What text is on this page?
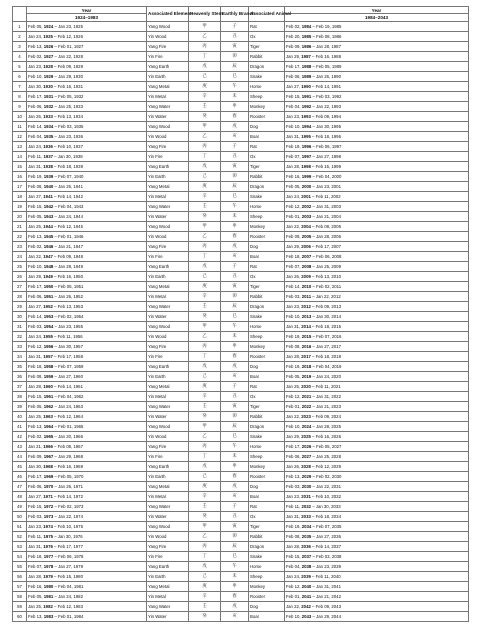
	Year	Associated Element	Heavenly Stem	Earthly Branch	Associated Animal	Year
	1924–1983					1984–2043
1	Feb 05, 1924 – Jan 23, 1925	Yang Wood	甲	子	Rat	Feb 02, 1984 – Feb 19, 1985
2	Jan 24, 1925 – Feb 12, 1926	Yin Wood	乙	丑	Ox	Feb 20, 1985 – Feb 08, 1986
3	Feb 13, 1926 – Feb 01, 1927	Yang Fire	丙	寅	Tiger	Feb 09, 1986 – Jan 28, 1987
4	Feb 02, 1927 – Jan 22, 1928	Yin Fire	丁	卯	Rabbit	Jan 29, 1987 – Feb 16, 1988
5	Jan 23, 1928 – Feb 09, 1929	Yang Earth	戊	辰	Dragon	Feb 17, 1988 – Feb 05, 1989
6	Feb 10, 1929 – Jan 29, 1930	Yin Earth	己	巳	Snake	Feb 06, 1989 – Jan 26, 1990
7	Jan 30, 1930 – Feb 16, 1931	Yang Metal	庚	午	Horse	Jan 27, 1990 – Feb 14, 1991
8	Feb 17, 1931 – Feb 05, 1932	Yin Metal	辛	未	Sheep	Feb 15, 1991 – Feb 03, 1992
9	Feb 06, 1932 – Jan 25, 1933	Yang Water	壬	申	Monkey	Feb 04, 1992 – Jan 22, 1993
10	Jan 26, 1933 – Feb 13, 1934	Yin Water	癸	酉	Rooster	Jan 23, 1993 – Feb 09, 1994
11	Feb 14, 1934 – Feb 03, 1935	Yang Wood	甲	戌	Dog	Feb 10, 1994 – Jan 30, 1995
12	Feb 04, 1935 – Jan 23, 1936	Yin Wood	乙	亥	Boar	Jan 31, 1995 – Feb 18, 1996
13	Jan 24, 1936 – Feb 10, 1937	Yang Fire	丙	子	Rat	Feb 19, 1996 – Feb 06, 1997
14	Feb 11, 1937 – Jan 30, 1938	Yin Fire	丁	丑	Ox	Feb 07, 1997 – Jan 27, 1998
15	Jan 31, 1938 – Feb 18, 1939	Yang Earth	戊	寅	Tiger	Jan 28, 1998 – Feb 15, 1999
16	Feb 19, 1939 – Feb 07, 1940	Yin Earth	己	卯	Rabbit	Feb 16, 1999 – Feb 04, 2000
17	Feb 08, 1940 – Jan 26, 1941	Yang Metal	庚	辰	Dragon	Feb 05, 2000 – Jan 23, 2001
18	Jan 27, 1941 – Feb 14, 1942	Yin Metal	辛	巳	Snake	Jan 24, 2001 – Feb 11, 2002
19	Feb 15, 1942 – Feb 04, 1943	Yang Water	壬	午	Horse	Feb 12, 2002 – Jan 31, 2003
20	Feb 05, 1943 – Jan 24, 1944	Yin Water	癸	未	Sheep	Feb 01, 2003 – Jan 21, 2004
21	Jan 25, 1944 – Feb 12, 1945	Yang Wood	甲	申	Monkey	Jan 22, 2004 – Feb 08, 2005
22	Feb 13, 1945 – Feb 01, 1946	Yin Wood	乙	酉	Rooster	Feb 09, 2005 – Jan 28, 2006
23	Feb 02, 1946 – Jan 21, 1947	Yang Fire	丙	戌	Dog	Jan 29, 2006 – Feb 17, 2007
24	Jan 22, 1947 – Feb 09, 1948	Yin Fire	丁	亥	Boar	Feb 18, 2007 – Feb 06, 2008
25	Feb 10, 1948 – Jan 28, 1949	Yang Earth	戊	子	Rat	Feb 07, 2008 – Jan 25, 2009
26	Jan 29, 1949 – Feb 16, 1950	Yin Earth	己	丑	Ox	Jan 26, 2009 – Feb 13, 2010
27	Feb 17, 1950 – Feb 05, 1951	Yang Metal	庚	寅	Tiger	Feb 14, 2010 – Feb 02, 2011
28	Feb 06, 1951 – Jan 26, 1952	Yin Metal	辛	卯	Rabbit	Feb 03, 2011 – Jan 22, 2012
29	Jan 27, 1952 – Feb 13, 1953	Yang Water	壬	辰	Dragon	Jan 23, 2012 – Feb 09, 2013
30	Feb 14, 1953 – Feb 02, 1954	Yin Water	癸	巳	Snake	Feb 10, 2013 – Jan 30, 2014
31	Feb 03, 1954 – Jan 23, 1955	Yang Wood	甲	午	Horse	Jan 31, 2014 – Feb 18, 2015
32	Jan 24, 1955 – Feb 11, 1956	Yin Wood	乙	未	Sheep	Feb 19, 2015 – Feb 07, 2016
33	Feb 12, 1956 – Jan 30, 1957	Yang Fire	丙	申	Monkey	Feb 08, 2016 – Jan 27, 2017
34	Jan 31, 1957 – Feb 17, 1958	Yin Fire	丁	酉	Rooster	Jan 28, 2017 – Feb 18, 2018
35	Feb 18, 1958 – Feb 07, 1959	Yang Earth	戊	戌	Dog	Feb 19, 2018 – Feb 04, 2019
36	Feb 08, 1959 – Jan 27, 1960	Yin Earth	己	亥	Boar	Feb 05, 2019 – Jan 24, 2020
37	Jan 28, 1960 – Feb 14, 1961	Yang Metal	庚	子	Rat	Jan 25, 2020 – Feb 11, 2021
38	Feb 15, 1961 – Feb 04, 1962	Yin Metal	辛	丑	Ox	Feb 12, 2021 – Jan 31, 2022
39	Feb 05, 1962 – Jan 24, 1963	Yang Water	壬	寅	Tiger	Feb 01, 2022 – Jan 21, 2023
40	Jan 25, 1963 – Feb 12, 1964	Yin Water	癸	卯	Rabbit	Jan 22, 2023 – Feb 09, 2024
41	Feb 13, 1964 – Feb 01, 1965	Yang Wood	甲	辰	Dragon	Feb 10, 2024 – Jan 28, 2025
42	Feb 02, 1965 – Jan 20, 1966	Yin Wood	乙	巳	Snake	Jan 29, 2025 – Feb 16, 2026
43	Jan 21, 1966 – Feb 08, 1967	Yang Fire	丙	午	Horse	Feb 17, 2026 – Feb 05, 2027
44	Feb 09, 1967 – Jan 29, 1968	Yin Fire	丁	未	Sheep	Feb 06, 2027 – Jan 25, 2028
45	Jan 30, 1968 – Feb 16, 1969	Yang Earth	戊	申	Monkey	Jan 26, 2028 – Feb 12, 2029
46	Feb 17, 1969 – Feb 05, 1970	Yin Earth	己	酉	Rooster	Feb 13, 2029 – Feb 02, 2030
47	Feb 06, 1970 – Jan 26, 1971	Yang Metal	庚	戌	Dog	Feb 03, 2030 – Jan 22, 2031
48	Jan 27, 1971 – Feb 14, 1972	Yin Metal	辛	亥	Boar	Jan 23, 2031 – Feb 10, 2032
49	Feb 15, 1972 – Feb 02, 1973	Yang Water	壬	子	Rat	Feb 11, 2032 – Jan 30, 2033
50	Feb 03, 1973 – Jan 22, 1974	Yin Water	癸	丑	Ox	Jan 31, 2033 – Feb 18, 2034
51	Jan 23, 1974 – Feb 10, 1975	Yang Wood	甲	寅	Tiger	Feb 19, 2034 – Feb 07, 2035
52	Feb 11, 1975 – Jan 30, 1976	Yin Wood	乙	卯	Rabbit	Feb 08, 2035 – Jan 27, 2036
53	Jan 31, 1976 – Feb 17, 1977	Yang Fire	丙	辰	Dragon	Jan 28, 2036 – Feb 14, 2037
54	Feb 18, 1977 – Feb 06, 1978	Yin Fire	丁	巳	Snake	Feb 15, 2037 – Feb 03, 2038
55	Feb 07, 1978 – Jan 27, 1979	Yang Earth	戊	午	Horse	Feb 04, 2038 – Jan 23, 2039
56	Jan 28, 1979 – Feb 15, 1980	Yin Earth	己	未	Sheep	Jan 24, 2039 – Feb 11, 2040
57	Feb 16, 1980 – Feb 04, 1981	Yang Metal	庚	申	Monkey	Feb 12, 2040 – Jan 31, 2041
58	Feb 05, 1981 – Jan 24, 1982	Yin Metal	辛	酉	Rooster	Feb 01, 2041 – Jan 21, 2042
59	Jan 25, 1982 – Feb 12, 1983	Yang Water	壬	戌	Dog	Jan 22, 2042 – Feb 09, 2043
60	Feb 13, 1983 – Feb 01, 1984	Yin Water	癸	亥	Boar	Feb 10, 2043 – Jan 29, 2044
